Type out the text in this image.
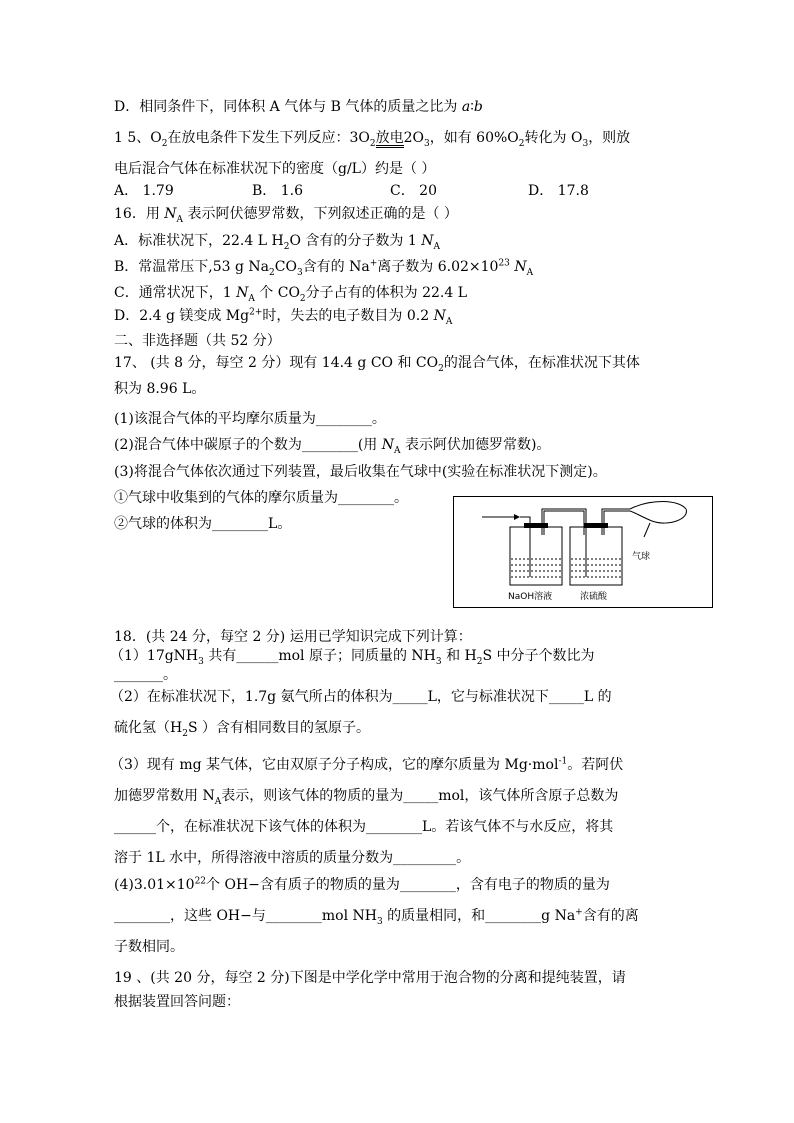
D．相同条件下，同体积 A 气体与 B 气体的质量之比为 a∶b
1 5、$O_2$在放电条件下发生下列反应：$3O_2$放电$2O_3$，如有 $60\%O_2$转化为 $O_3$，则放
电后混合气体在标准状况下的密度（g/L）约是（ ）
A． 1.79	B． 1.6	C． 20	D． 17.8
16．用 $N_A$ 表示阿伏德罗常数，下列叙述正确的是（ ）
A．标准状况下，22.4 L $H_2O$ 含有的分子数为 1 $N_A$
B．常温常压下,53 g $Na_2CO_3$含有的 Na+离子数为 $6.02\times 10^{23}$ $N_A$
C．通常状况下，1 $N_A$ 个 $CO_2$分子占有的体积为 22.4 L
D．2.4 g 镁变成 $Mg^{2+}$时，失去的电子数目为 0.2 $N_A$
二、非选择题（共 52 分）
17、 (共 8 分，每空 2 分）现有 14.4 g CO 和 $CO_2$的混合气体，在标准状况下其体
积为 8.96 L。
(1)该混合气体的平均摩尔质量为________。
(2)混合气体中碳原子的个数为________(用 $N_A$ 表示阿伏加德罗常数)。
(3)将混合气体依次通过下列装置，最后收集在气球中(实验在标准状况下测定)。
①气球中收集到的气体的摩尔质量为________。
②气球的体积为________L。
气球
NaOH溶液	浓硫酸
18．(共 24 分，每空 2 分) 运用已学知识完成下列计算：
（1）17gNH$_3$ 共有______mol 原子；同质量的 $NH_3$ 和 $H_2S$ 中分子个数比为
_______。
（2）在标准状况下，1.7g 氨气所占的体积为_____L，它与标准状况下_____L 的
硫化氢（$H_2S$ ）含有相同数目的氢原子。
（3）现有 mg 某气体，它由双原子分子构成，它的摩尔质量为 Mg·mol$^{-1}$。若阿伏
加德罗常数用 $N_A$表示，则该气体的物质的量为_____mol，该气体所含原子总数为
______个，在标准状况下该气体的体积为________L。若该气体不与水反应，将其
溶于 1L 水中，所得溶液中溶质的质量分数为_________。
$(4)3.01\times 10^{22}$个 OH−含有质子的物质的量为________，含有电子的物质的量为
________，这些 OH−与________mol $NH_3$ 的质量相同，和________g Na+含有的离
子数相同。
19 、(共 20 分，每空 2 分)下图是中学化学中常用于泡合物的分离和提纯装置，请
根据装置回答问题：
